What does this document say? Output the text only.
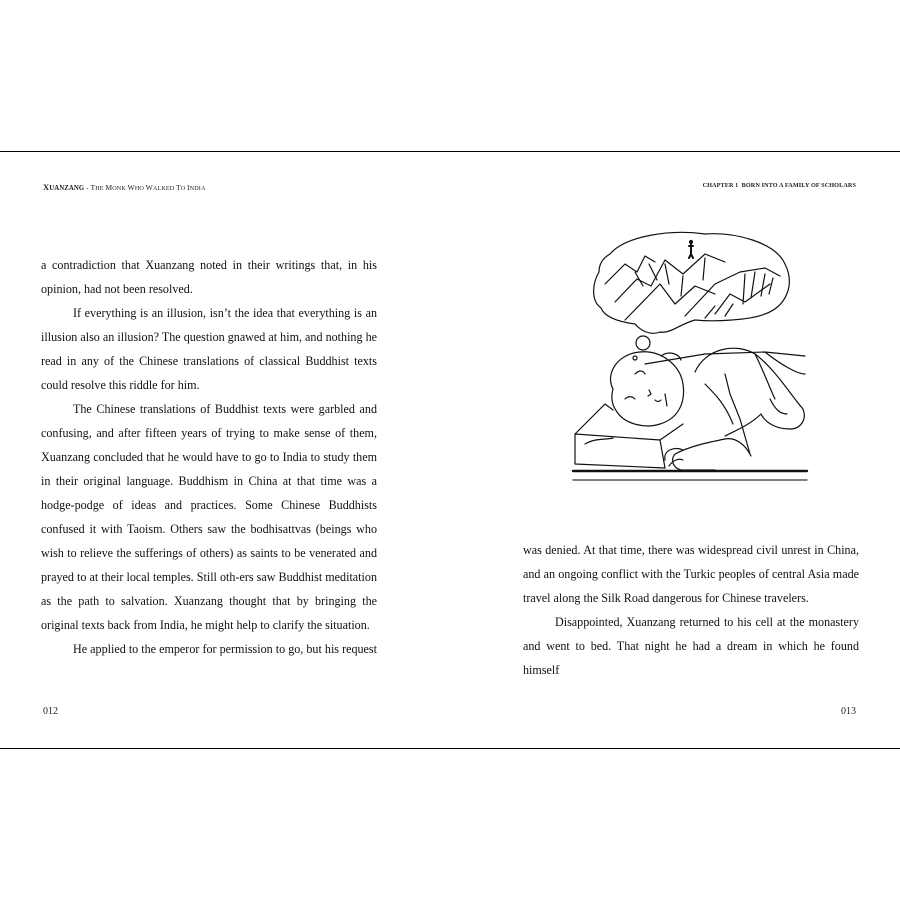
XUANZANG - THE MONK WHO WALKED TO INDIA

a contradiction that Xuanzang noted in their writings that, in his opinion, had not been resolved.

If everything is an illusion, isn’t the idea that everything is an illusion also an illusion? The question gnawed at him, and nothing he read in any of the Chinese translations of classical Buddhist texts could resolve this riddle for him.

The Chinese translations of Buddhist texts were garbled and confusing, and after fifteen years of trying to make sense of them, Xuanzang concluded that he would have to go to India to study them in their original language. Buddhism in China at that time was a hodge-podge of ideas and practices. Some Chinese Buddhists confused it with Taoism. Others saw the bodhisattvas (beings who wish to relieve the sufferings of others) as saints to be venerated and prayed to at their local temples. Still oth-ers saw Buddhist meditation as the path to salvation. Xuanzang thought that by bringing the original texts back from India, he might help to clarify the situation.

He applied to the emperor for permission to go, but his request

012
CHAPTER 1  BORN INTO A FAMILY OF SCHOLARS

was denied. At that time, there was widespread civil unrest in China, and an ongoing conflict with the Turkic peoples of central Asia made travel along the Silk Road dangerous for Chinese travelers.

Disappointed, Xuanzang returned to his cell at the monastery and went to bed. That night he had a dream in which he found himself

013
